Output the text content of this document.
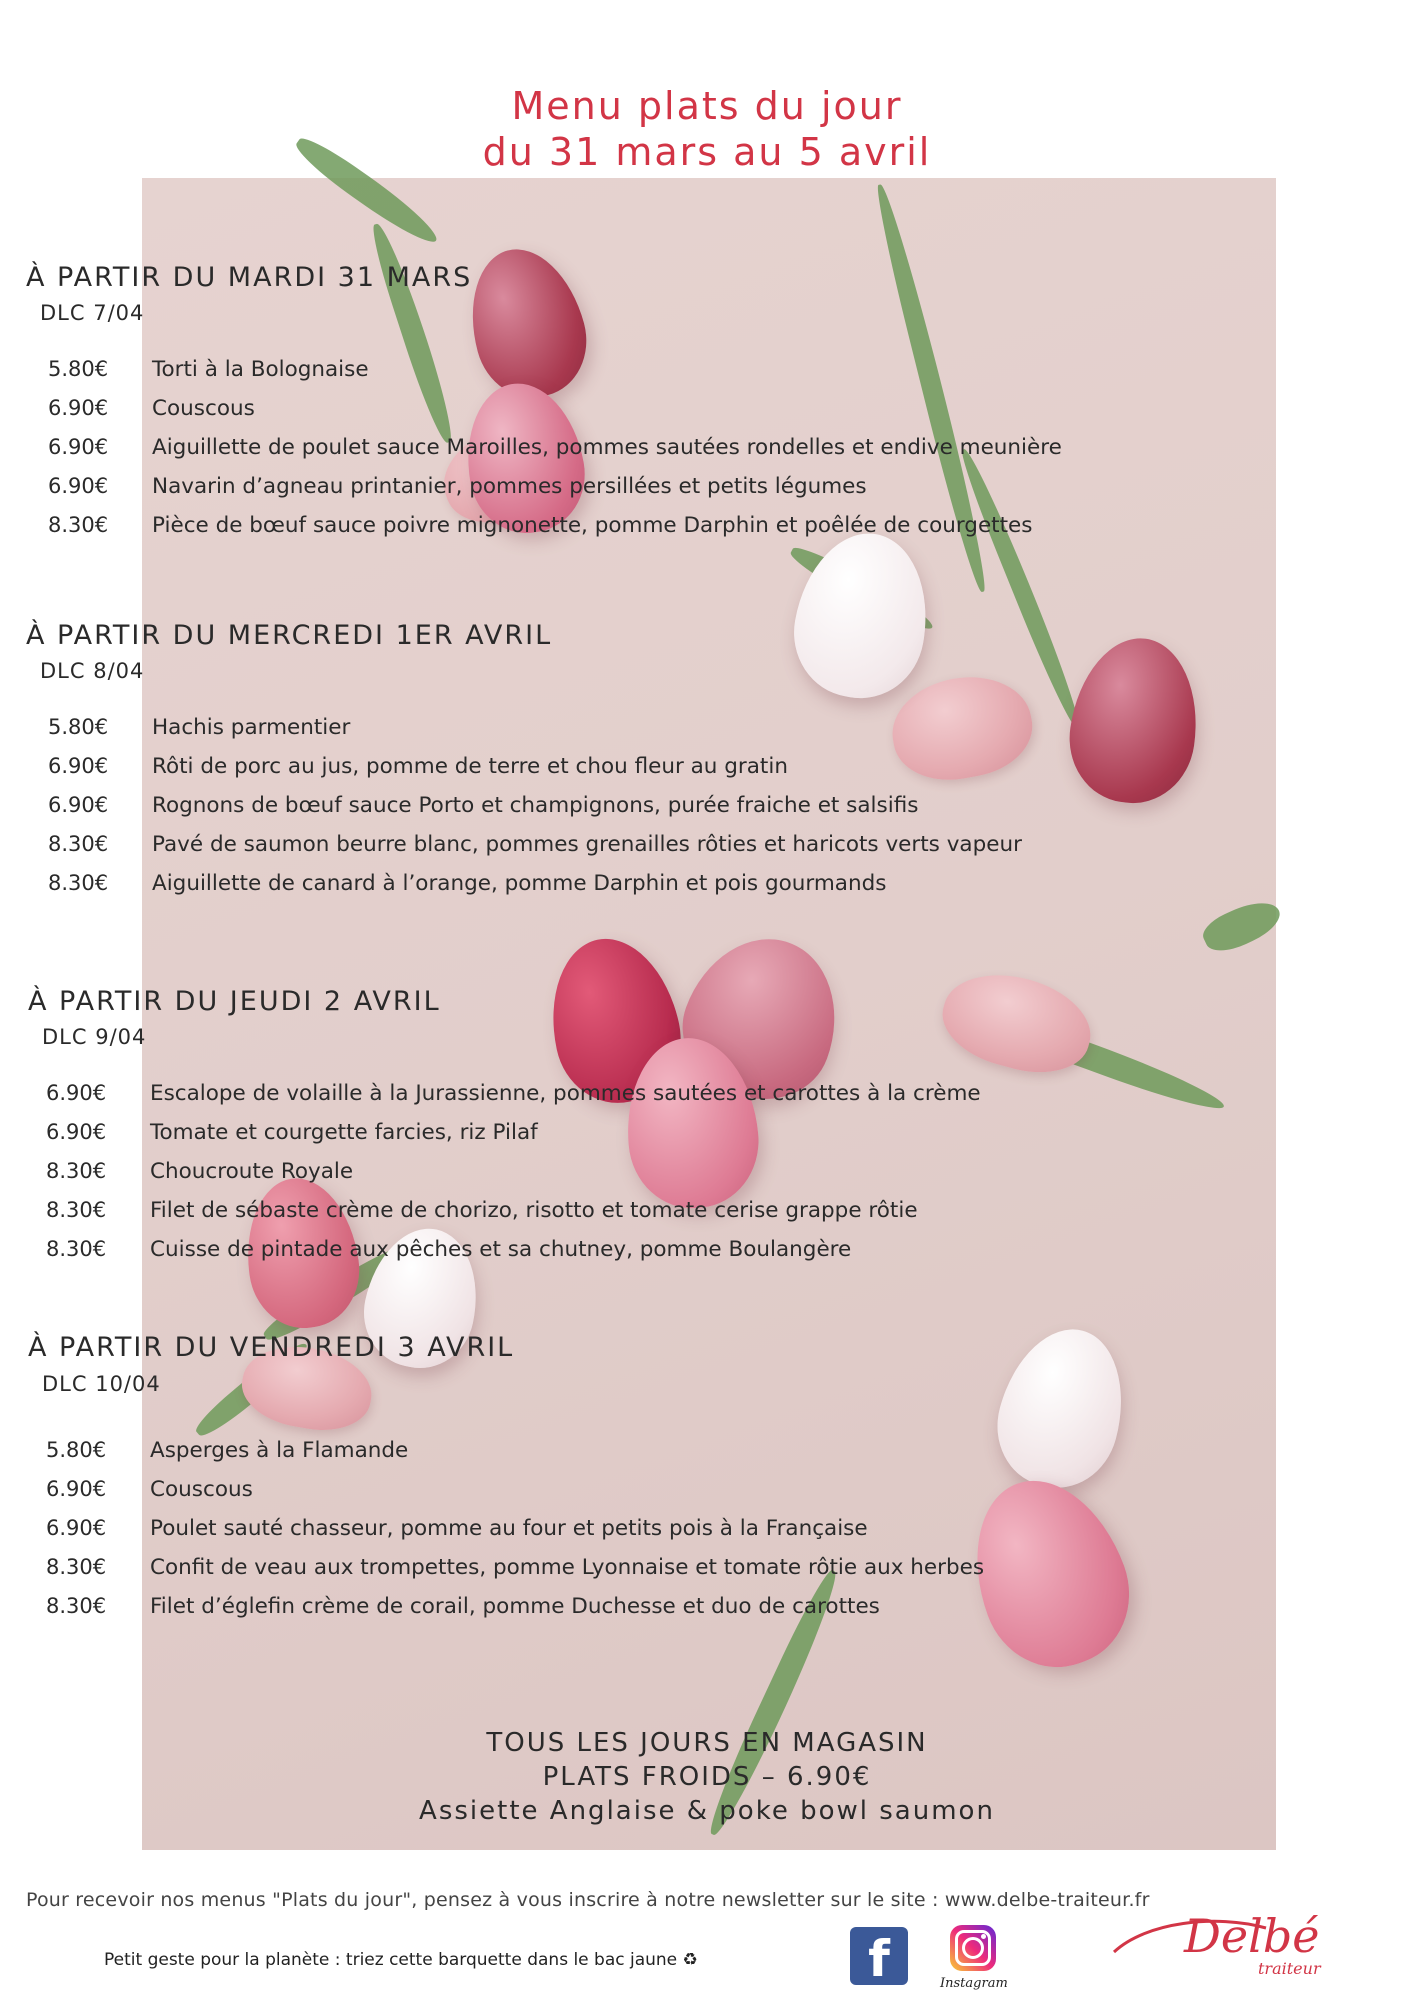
Menu plats du jour
du 31 mars au 5 avril
À PARTIR DU MARDI 31 MARS
DLC 7/04
5.80€	Torti à la Bolognaise
6.90€	Couscous
6.90€	Aiguillette de poulet sauce Maroilles, pommes sautées rondelles et endive meunière
6.90€	Navarin d’agneau printanier, pommes persillées et petits légumes
8.30€	Pièce de bœuf sauce poivre mignonette, pomme Darphin et poêlée de courgettes
À PARTIR DU MERCREDI 1ER AVRIL
DLC 8/04
5.80€	Hachis parmentier
6.90€	Rôti de porc au jus, pomme de terre et chou fleur au gratin
6.90€	Rognons de bœuf sauce Porto et champignons, purée fraiche et salsifis
8.30€	Pavé de saumon beurre blanc, pommes grenailles rôties et haricots verts vapeur
8.30€	Aiguillette de canard à l’orange, pomme Darphin et pois gourmands
À PARTIR DU JEUDI 2 AVRIL
DLC 9/04
6.90€	Escalope de volaille à la Jurassienne, pommes sautées et carottes à la crème
6.90€	Tomate et courgette farcies, riz Pilaf
8.30€	Choucroute Royale
8.30€	Filet de sébaste crème de chorizo, risotto et tomate cerise grappe rôtie
8.30€	Cuisse de pintade aux pêches et sa chutney, pomme Boulangère
À PARTIR DU VENDREDI 3 AVRIL
DLC 10/04
5.80€	Asperges à la Flamande
6.90€	Couscous
6.90€	Poulet sauté chasseur, pomme au four et petits pois à la Française
8.30€	Confit de veau aux trompettes, pomme Lyonnaise et tomate rôtie aux herbes
8.30€	Filet d’églefin crème de corail, pomme Duchesse et duo de carottes
TOUS LES JOURS EN MAGASIN
PLATS FROIDS – 6.90€
Assiette Anglaise & poke bowl saumon
Pour recevoir nos menus "Plats du jour", pensez à vous inscrire à notre newsletter sur le site : www.delbe-traiteur.fr
Petit geste pour la planète : triez cette barquette dans le bac jaune ♻	f	Instagram
Delbé
traiteur
